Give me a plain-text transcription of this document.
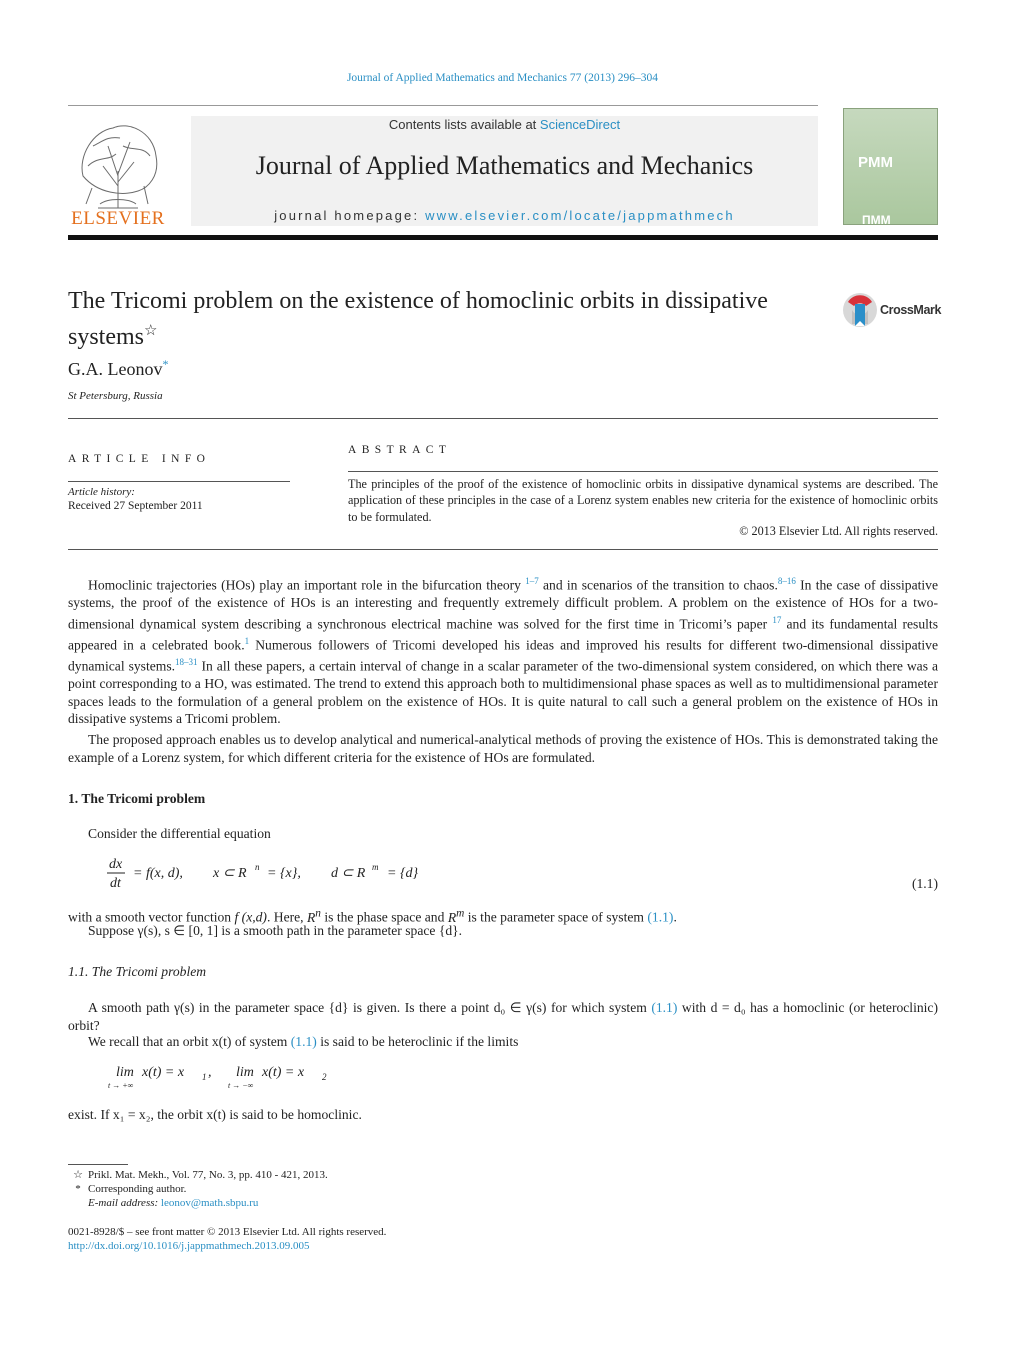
Journal of Applied Mathematics and Mechanics 77 (2013) 296–304
ELSEVIER
Contents lists available at ScienceDirect
Journal of Applied Mathematics and Mechanics
journal homepage: www.elsevier.com/locate/jappmathmech
PMM
ПММ
The Tricomi problem on the existence of homoclinic orbits in dissipative systems☆
CrossMark
G.A. Leonov*
St Petersburg, Russia
ARTICLE INFO
Article history:
Received 27 September 2011
ABSTRACT
The principles of the proof of the existence of homoclinic orbits in dissipative dynamical systems are described. The application of these principles in the case of a Lorenz system enables new criteria for the existence of homoclinic orbits to be formulated.
© 2013 Elsevier Ltd. All rights reserved.
Homoclinic trajectories (HOs) play an important role in the bifurcation theory $^{1-7}$ and in scenarios of the transition to chaos.$^{8-16}$ In the case of dissipative systems, the proof of the existence of HOs is an interesting and frequently extremely difficult problem. A problem on the existence of HOs for a two-dimensional dynamical system describing a synchronous electrical machine was solved for the first time in Tricomi’s paper $^{17}$ and its fundamental results appeared in a celebrated book.$^1$ Numerous followers of Tricomi developed his ideas and improved his results for different two-dimensional dissipative dynamical systems.$^{18-31}$ In all these papers, a certain interval of change in a scalar parameter of the two-dimensional system considered, on which there was a point corresponding to a HO, was estimated. The trend to extend this approach both to multidimensional phase spaces as well as to multidimensional parameter spaces leads to the formulation of a general problem on the existence of HOs. It is quite natural to call such a general problem on the existence of HOs in dissipative systems a Tricomi problem.
The proposed approach enables us to develop analytical and numerical-analytical methods of proving the existence of HOs. This is demonstrated taking the example of a Lorenz system, for which different criteria for the existence of HOs are formulated.
1. The Tricomi problem
Consider the differential equation
dx
dt
= f(x, d), x ⊂ R n = {x}, d ⊂ R m = {d}
(1.1)
with a smooth vector function f (x,d). Here, $R^n$ is the phase space and $R^m$ is the parameter space of system (1.1).
Suppose γ(s), s ∈ [0, 1] is a smooth path in the parameter space {d}.
1.1. The Tricomi problem
A smooth path γ(s) in the parameter space {d} is given. Is there a point d₀ ∈ γ(s) for which system (1.1) with d = d₀ has a homoclinic (or heteroclinic) orbit?
We recall that an orbit x(t) of system (1.1) is said to be heteroclinic if the limits
lim
t → +∞
x(t) = x 1 , lim
t → −∞
x(t) = x 2
exist. If x₁ = x₂, the orbit x(t) is said to be homoclinic.
☆ Prikl. Mat. Mekh., Vol. 77, No. 3, pp. 410 - 421, 2013.
* Corresponding author.
E-mail address: leonov@math.sbpu.ru
0021-8928/$ – see front matter © 2013 Elsevier Ltd. All rights reserved.
http://dx.doi.org/10.1016/j.jappmathmech.2013.09.005
